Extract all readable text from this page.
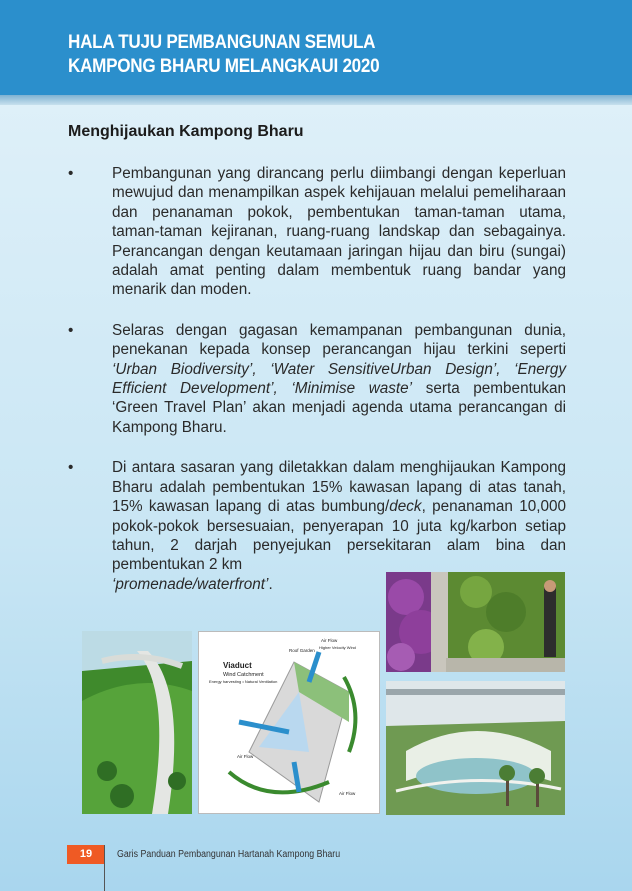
HALA TUJU PEMBANGUNAN SEMULA
KAMPONG BHARU MELANGKAUI 2020

Menghijaukan Kampong Bharu

•	Pembangunan yang dirancang perlu diimbangi dengan keperluan mewujud dan menampilkan aspek kehijauan melalui pemeliharaan dan penanaman pokok, pembentukan taman-taman utama, taman-taman kejiranan, ruang-ruang landskap dan sebagainya. Perancangan dengan keutamaan jaringan hijau dan biru (sungai) adalah amat penting dalam membentuk ruang bandar yang menarik dan moden.
•	Selaras dengan gagasan kemampanan pembangunan dunia, penekanan kepada konsep perancangan hijau terkini seperti ‘Urban Biodiversity’, ‘Water SensitiveUrban Design’, ‘Energy Efficient Development’, ‘Minimise waste’ serta pembentukan ‘Green Travel Plan’ akan menjadi agenda utama perancangan di Kampong Bharu.
•	Di antara sasaran yang diletakkan dalam menghijaukan Kampong Bharu adalah pembentukan 15% kawasan lapang di atas tanah, 15% kawasan lapang di atas bumbung/deck, penanaman 10,000 pokok-pokok bersesuaian, penyerapan 10 juta kg/karbon setiap tahun, 2 darjah penyejukan persekitaran alam bina dan pembentukan 2 km
‘promenade/waterfront’.
Viaduct
Wind Catchment
Energy harvesting • Natural Ventilation
Roof Garden
Air Flow
Higher Velocity Wind
Air Flow
Air Flow
19	Garis Panduan Pembangunan Hartanah Kampong Bharu
